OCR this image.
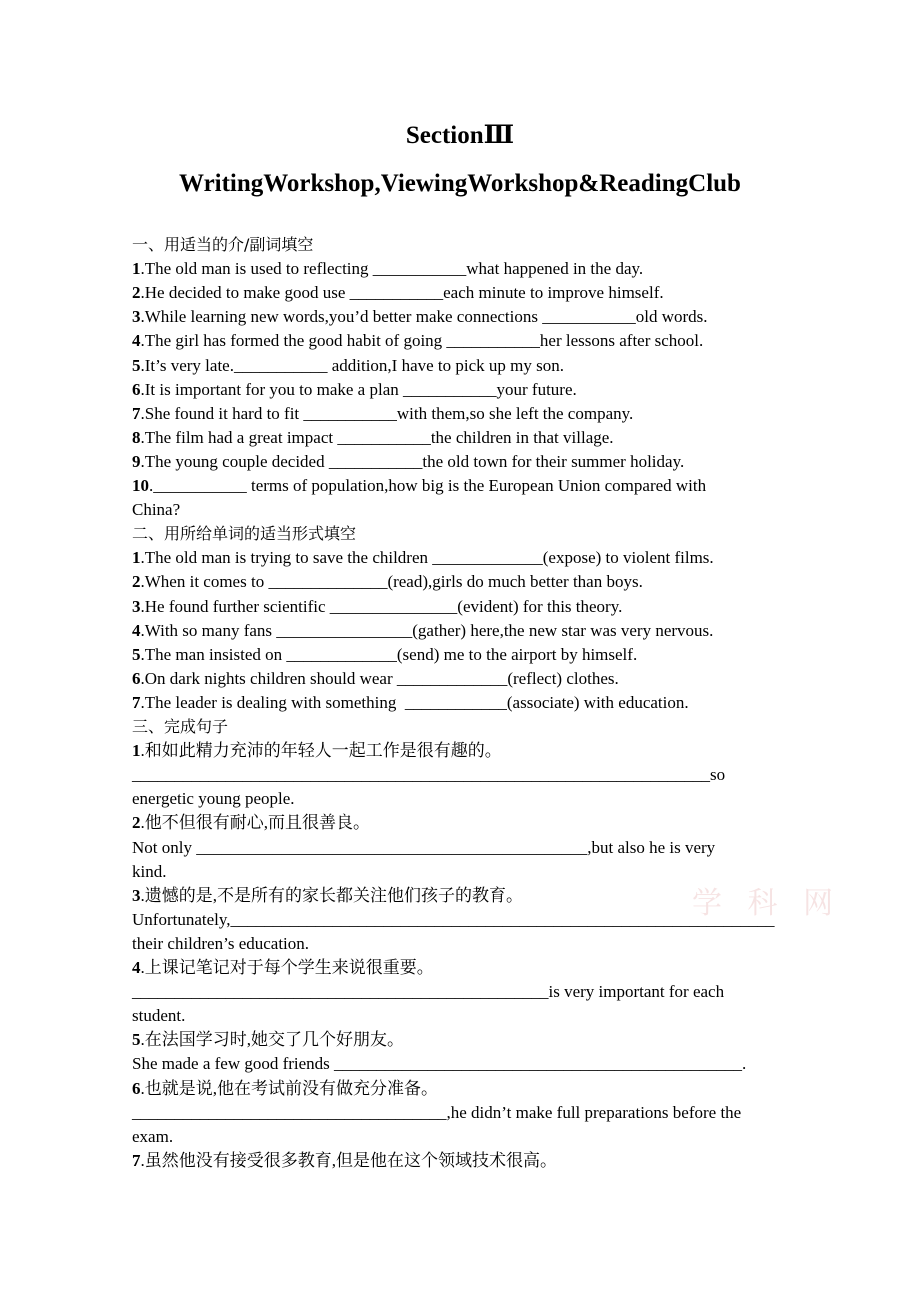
SectionⅢ
WritingWorkshop,ViewingWorkshop&ReadingClub
一、用适当的介/副词填空
1.The old man is used to reflecting ___________what happened in the day.
2.He decided to make good use ___________each minute to improve himself.
3.While learning new words,you’d better make connections ___________old words.
4.The girl has formed the good habit of going ___________her lessons after school.
5.It’s very late.___________ addition,I have to pick up my son.
6.It is important for you to make a plan ___________your future.
7.She found it hard to fit ___________with them,so she left the company.
8.The film had a great impact ___________the children in that village.
9.The young couple decided ___________the old town for their summer holiday.
10.___________ terms of population,how big is the European Union compared with
China?
二、用所给单词的适当形式填空
1.The old man is trying to save the children _____________(expose) to violent films.
2.When it comes to ______________(read),girls do much better than boys.
3.He found further scientific _______________(evident) for this theory.
4.With so many fans ________________(gather) here,the new star was very nervous.
5.The man insisted on _____________(send) me to the airport by himself.
6.On dark nights children should wear _____________(reflect) clothes.
7.The leader is dealing with something  ____________(associate) with education.
三、完成句子
1.和如此精力充沛的年轻人一起工作是很有趣的。
____________________________________________________________________so
energetic young people.
2.他不但很有耐心,而且很善良。
Not only ______________________________________________,but also he is very
kind.
3.遗憾的是,不是所有的家长都关注他们孩子的教育。
Unfortunately,________________________________________________________________
their children’s education.
4.上课记笔记对于每个学生来说很重要。
_________________________________________________is very important for each
student.
5.在法国学习时,她交了几个好朋友。
She made a few good friends ________________________________________________.
6.也就是说,他在考试前没有做充分准备。
_____________________________________,he didn’t make full preparations before the
exam.
7.虽然他没有接受很多教育,但是他在这个领域技术很高。
学 科 网
